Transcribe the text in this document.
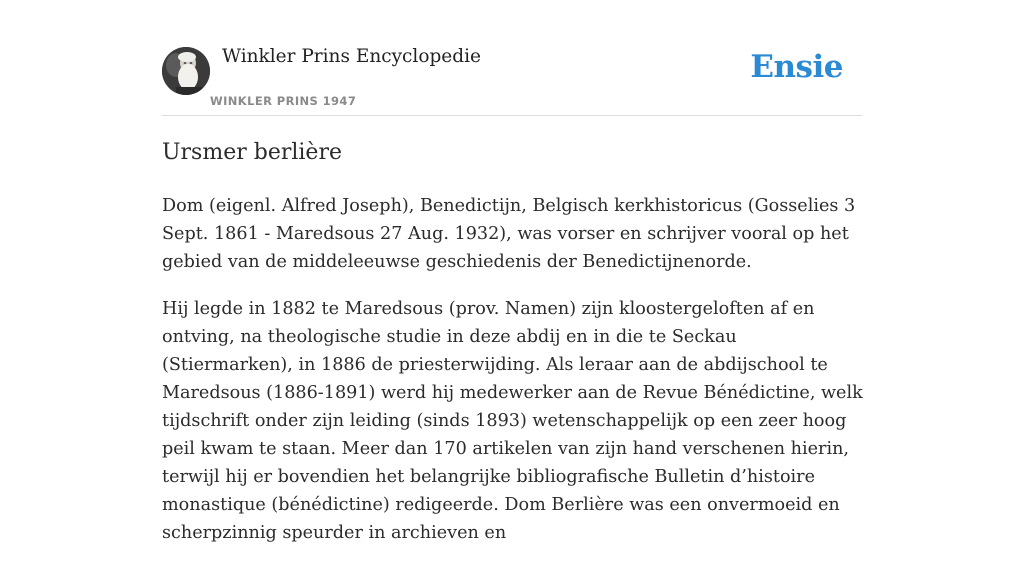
Winkler Prins Encyclopedie
WINKLER PRINS 1947
Ensie
Ursmer berlière

Dom (eigenl. Alfred Joseph), Benedictijn, Belgisch kerkhistoricus (Gosselies 3 Sept. 1861 - Maredsous 27 Aug. 1932), was vorser en schrijver vooral op het gebied van de middeleeuwse geschiedenis der Benedictijnenorde.

Hij legde in 1882 te Maredsous (prov. Namen) zijn kloostergeloften af en ontving, na theologische studie in deze abdij en in die te Seckau (Stiermarken), in 1886 de priesterwijding. Als leraar aan de abdijschool te Maredsous (1886-1891) werd hij medewerker aan de Revue Bénédictine, welk tijdschrift onder zijn leiding (sinds 1893) wetenschappelijk op een zeer hoog peil kwam te staan. Meer dan 170 artikelen van zijn hand verschenen hierin, terwijl hij er bovendien het belangrijke bibliografische Bulletin d’histoire monastique (bénédictine) redigeerde. Dom Berlière was een onvermoeid en scherpzinnig speurder in archieven en
